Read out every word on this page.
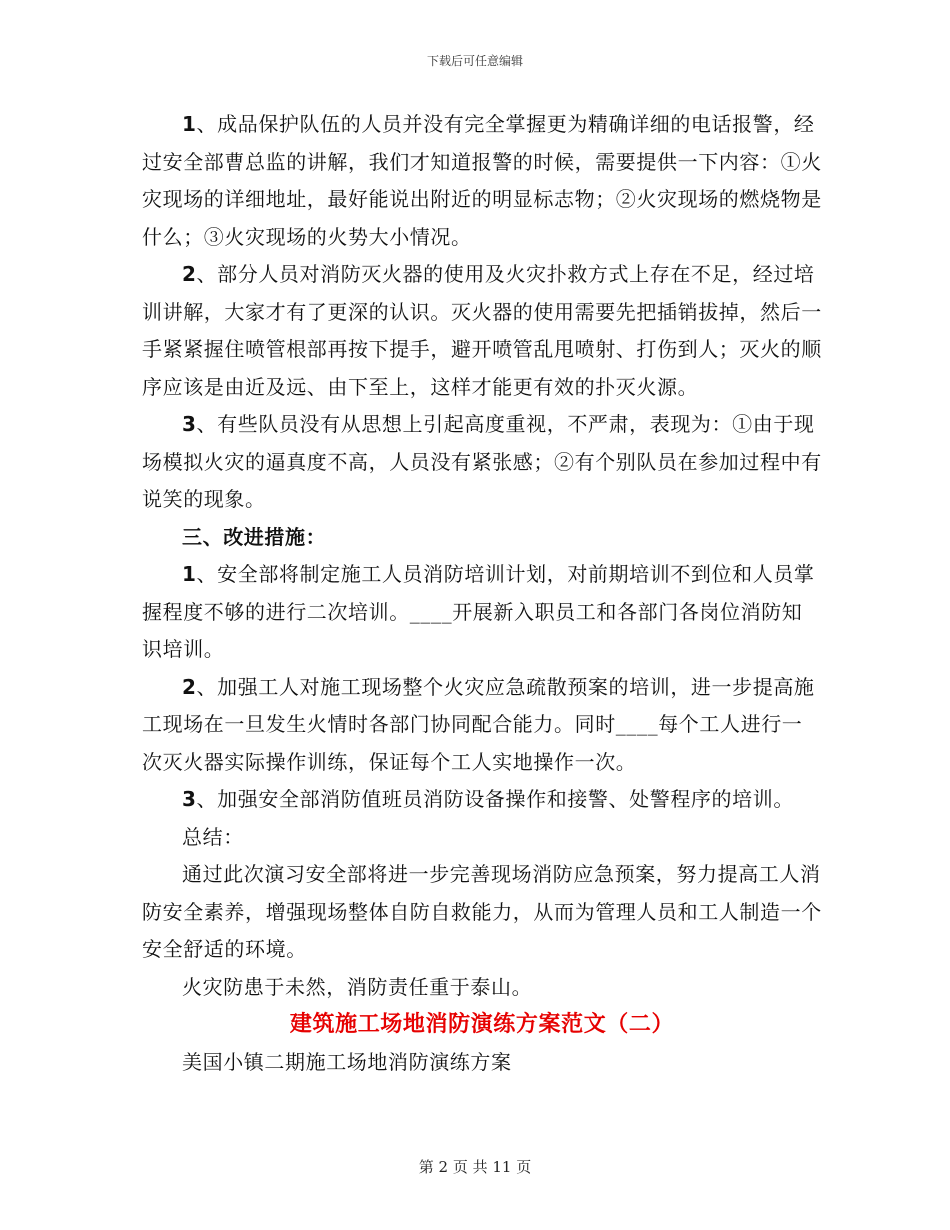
下载后可任意编辑

1、成品保护队伍的人员并没有完全掌握更为精确详细的电话报警，经过安全部曹总监的讲解，我们才知道报警的时候，需要提供一下内容：①火灾现场的详细地址，最好能说出附近的明显标志物；②火灾现场的燃烧物是什么；③火灾现场的火势大小情况。

2、部分人员对消防灭火器的使用及火灾扑救方式上存在不足，经过培训讲解，大家才有了更深的认识。灭火器的使用需要先把插销拔掉，然后一手紧紧握住喷管根部再按下提手，避开喷管乱甩喷射、打伤到人；灭火的顺序应该是由近及远、由下至上，这样才能更有效的扑灭火源。

3、有些队员没有从思想上引起高度重视，不严肃，表现为：①由于现场模拟火灾的逼真度不高，人员没有紧张感；②有个别队员在参加过程中有说笑的现象。

三、改进措施：

1、安全部将制定施工人员消防培训计划，对前期培训不到位和人员掌握程度不够的进行二次培训。____开展新入职员工和各部门各岗位消防知识培训。

2、加强工人对施工现场整个火灾应急疏散预案的培训，进一步提高施工现场在一旦发生火情时各部门协同配合能力。同时____每个工人进行一次灭火器实际操作训练，保证每个工人实地操作一次。

3、加强安全部消防值班员消防设备操作和接警、处警程序的培训。

总结：

通过此次演习安全部将进一步完善现场消防应急预案，努力提高工人消防安全素养，增强现场整体自防自救能力，从而为管理人员和工人制造一个安全舒适的环境。

火灾防患于未然，消防责任重于泰山。

建筑施工场地消防演练方案范文（二）

美国小镇二期施工场地消防演练方案

第 2 页 共 11 页
